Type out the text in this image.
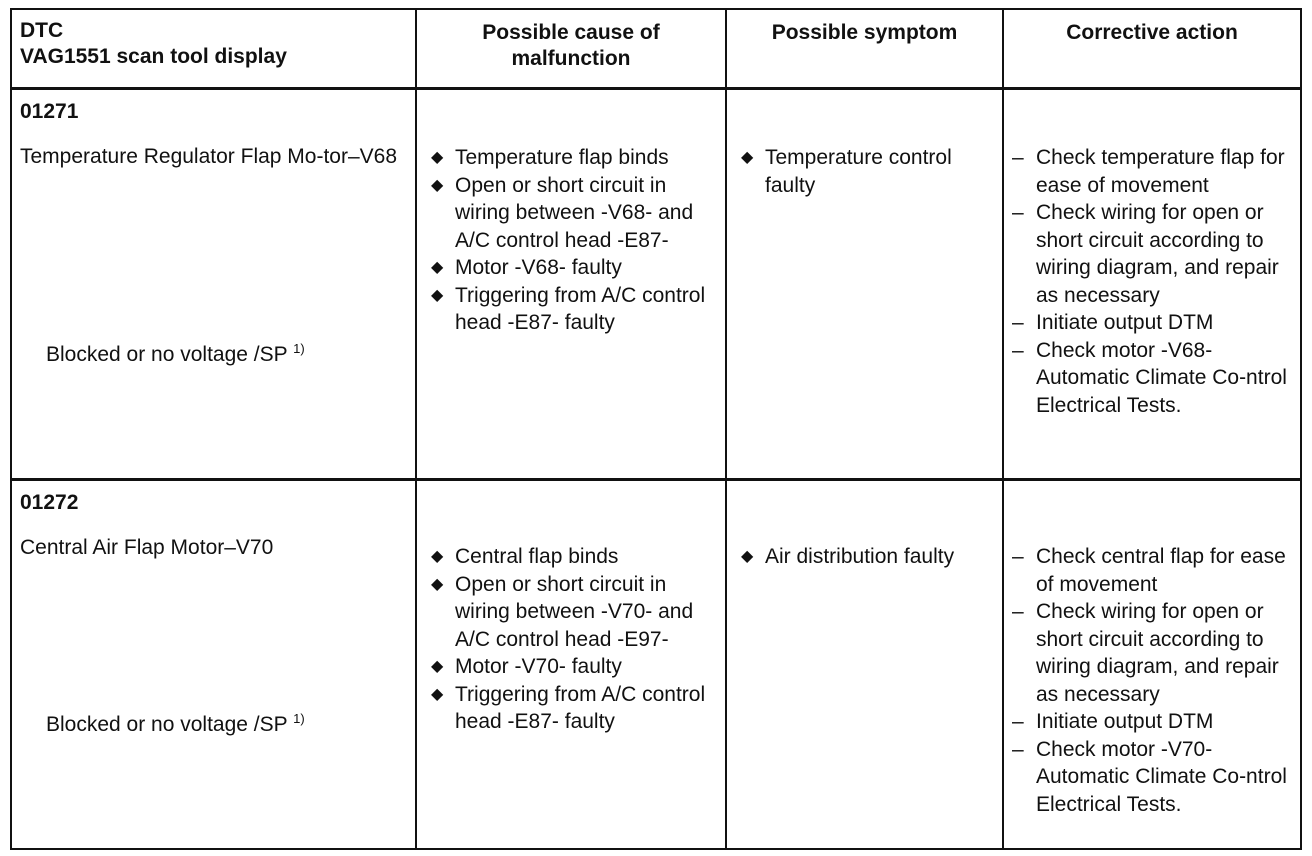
DTC
VAG1551 scan tool display
Possible cause of
malfunction
Possible symptom	Corrective action
01271
Temperature Regulator Flap Mo-tor–V68
Blocked or no voltage /SP $^{1)}$
◆ Temperature flap binds
◆ Open or short circuit in wiring between -V68- and A/C control head -E87-
◆ Motor -V68- faulty
◆ Triggering from A/C control head -E87- faulty
◆ Temperature control faulty
– Check temperature flap for ease of movement
– Check wiring for open or short circuit according to wiring diagram, and repair as necessary
– Initiate output DTM
– Check motor -V68- Automatic Climate Co-ntrol Electrical Tests.
01272
Central Air Flap Motor–V70
Blocked or no voltage /SP $^{1)}$
◆ Central flap binds
◆ Open or short circuit in wiring between -V70- and A/C control head -E97-
◆ Motor -V70- faulty
◆ Triggering from A/C control head -E87- faulty
◆ Air distribution faulty	– Check central flap for ease of movement
– Check wiring for open or short circuit according to wiring diagram, and repair as necessary
– Initiate output DTM
– Check motor -V70- Automatic Climate Co-ntrol Electrical Tests.
